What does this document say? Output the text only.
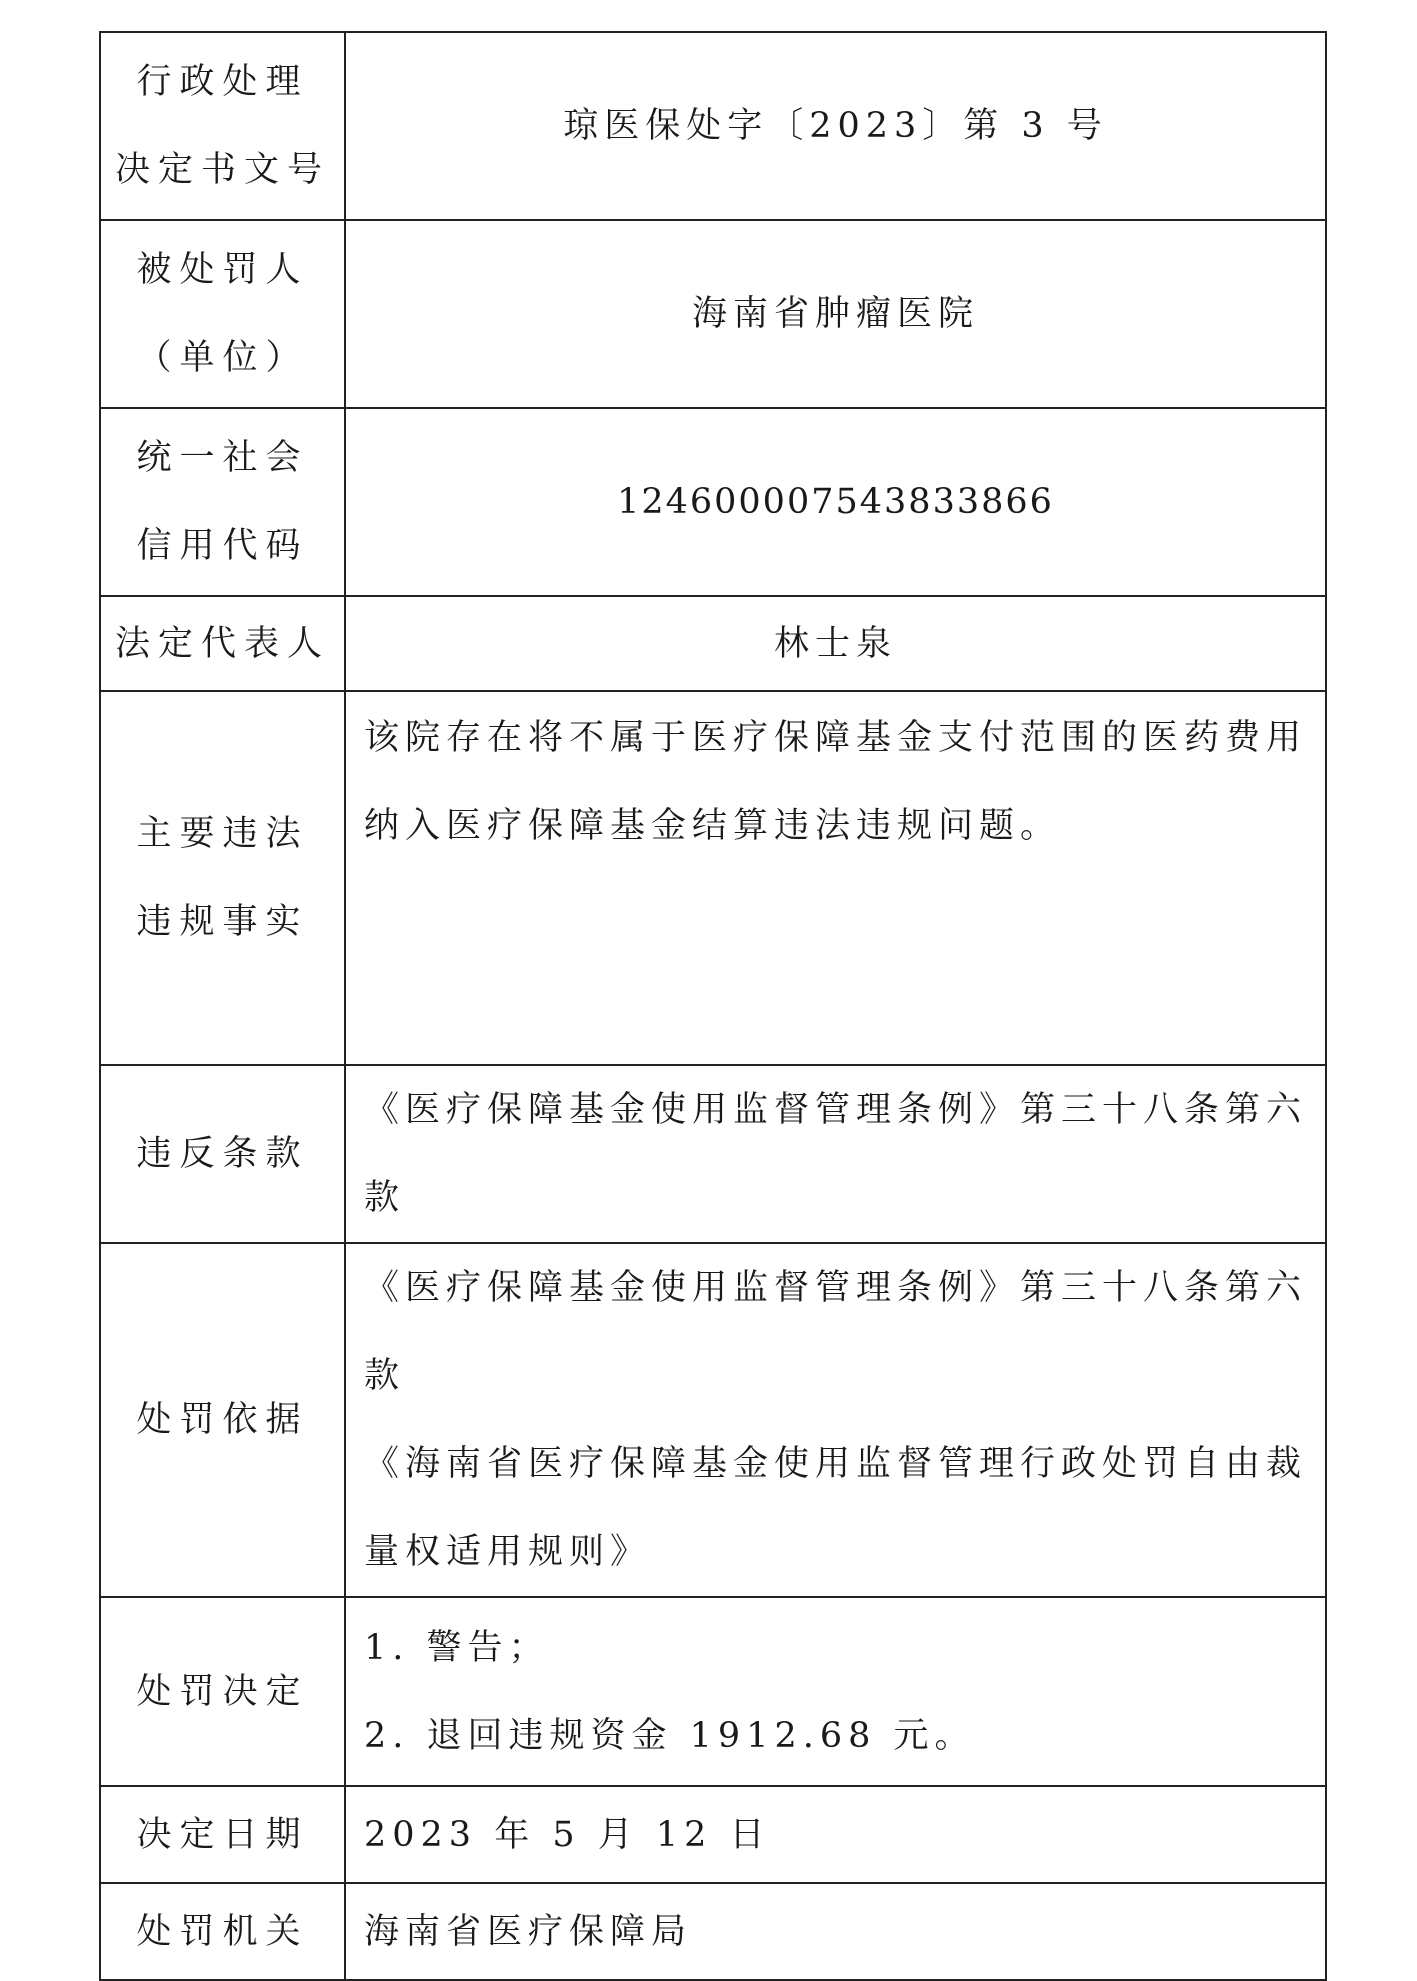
行政处理
决定书文号	琼医保处字〔2023〕第 3 号

被处罚人
（单位）	海南省肿瘤医院

统一社会
信用代码	12460000754383386​6
法定代表人	林士泉

主要违法
违规事实	该院存在将不属于医疗保障基金支付范围的医药费用
纳入医疗保障基金结算违法违规问题。

违反条款	《医疗保障基金使用监督管理条例》第三十八条第六款
处罚依据	《医疗保障基金使用监督管理条例》第三十八条第六款
《海南省医疗保障基金使用监督管理行政处罚自由裁
量权适用规则》

处罚决定	1. 警告；
2. 退回违规资金 1912.68 元。

决定日期	2023 年 5 月 12 日
处罚机关	海南省医疗保障局
